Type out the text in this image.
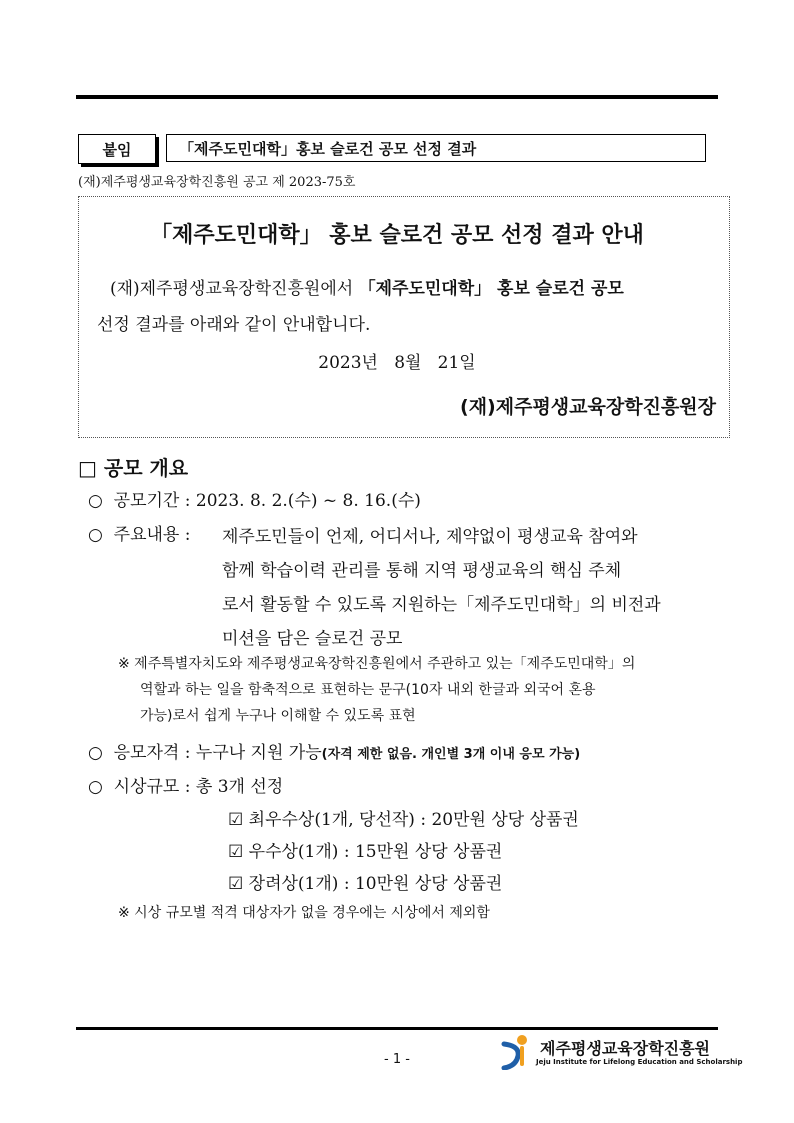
붙임	「제주도민대학」홍보 슬로건 공모 선정 결과
(재)제주평생교육장학진흥원 공고 제 2023-75호
「제주도민대학」 홍보 슬로건 공모 선정 결과 안내
(재)제주평생교육장학진흥원에서 「제주도민대학」 홍보 슬로건 공모
선정 결과를 아래와 같이 안내합니다.
2023년   8월   21일
(재)제주평생교육장학진흥원장
□ 공모 개요
○ 공모기간 : 2023. 8. 2.(수) ~ 8. 16.(수)
○ 주요내용 : 제주도민들이 언제, 어디서나, 제약없이 평생교육 참여와
함께 학습이력 관리를 통해 지역 평생교육의 핵심 주체
로서 활동할 수 있도록 지원하는「제주도민대학」의 비전과
미션을 담은 슬로건 공모
※ 제주특별자치도와 제주평생교육장학진흥원에서 주관하고 있는「제주도민대학」의
역할과 하는 일을 함축적으로 표현하는 문구(10자 내외 한글과 외국어 혼용
가능)로서 쉽게 누구나 이해할 수 있도록 표현
○ 응모자격 : 누구나 지원 가능(자격 제한 없음. 개인별 3개 이내 응모 가능)
○ 시상규모 : 총 3개 선정
☑ 최우수상(1개, 당선작) : 20만원 상당 상품권
☑ 우수상(1개) : 15만원 상당 상품권
☑ 장려상(1개) : 10만원 상당 상품권
※ 시상 규모별 적격 대상자가 없을 경우에는 시상에서 제외함
- 1 -
제주평생교육장학진흥원
Jeju Institute for Lifelong Education and Scholarship
